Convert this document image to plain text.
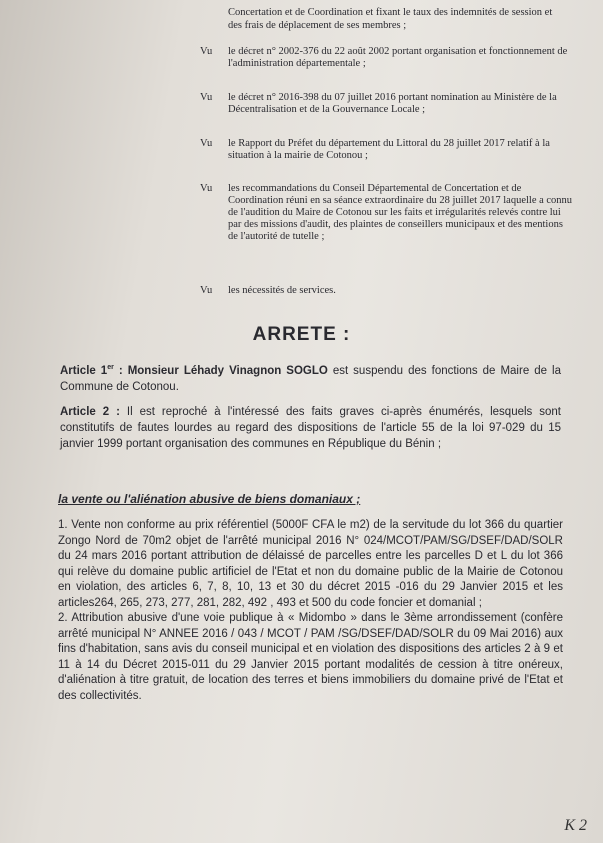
Concertation et de Coordination et fixant le taux des indemnités de session et des frais de déplacement de ses membres ;
Vu	le décret n° 2002-376 du 22 août 2002 portant organisation et fonctionnement de l'administration départementale ;
Vu	le décret n° 2016-398 du 07 juillet 2016 portant nomination au Ministère de la Décentralisation et de la Gouvernance Locale ;
Vu	le Rapport du Préfet du département du Littoral du 28 juillet 2017 relatif à la situation à la mairie de Cotonou ;
Vu	les recommandations du Conseil Départemental de Concertation et de Coordination réuni en sa séance extraordinaire du 28 juillet 2017 laquelle a connu de l'audition du Maire de Cotonou sur les faits et irrégularités relevés contre lui par des missions d'audit, des plaintes de conseillers municipaux et des mentions de l'autorité de tutelle ;
Vu	les nécessités de services.
ARRETE :
Article 1er : Monsieur Léhady Vinagnon SOGLO est suspendu des fonctions de Maire de la Commune de Cotonou.
Article 2 : Il est reproché à l'intéressé des faits graves ci-après énumérés, lesquels sont constitutifs de fautes lourdes au regard des dispositions de l'article 55 de la loi 97-029 du 15 janvier 1999 portant organisation des communes en République du Bénin ;
la vente ou l'aliénation abusive de biens domaniaux ;

1. Vente non conforme au prix référentiel (5000F CFA le m2) de la servitude du lot 366 du quartier Zongo Nord de 70m2 objet de l'arrêté municipal 2016 N° 024/MCOT/PAM/SG/DSEF/DAD/SOLR du 24 mars 2016 portant attribution de délaissé de parcelles entre les parcelles D et L du lot 366 qui relève du domaine public artificiel de l'Etat et non du domaine public de la Mairie de Cotonou en violation, des articles 6, 7, 8, 10, 13 et 30 du décret 2015 -016 du 29 Janvier 2015 et les articles264, 265, 273, 277, 281, 282, 492 , 493 et 500 du code foncier et domanial ;

2. Attribution abusive d'une voie publique à « Midombo » dans le 3ème arrondissement (confère arrêté municipal N° ANNEE 2016 / 043 / MCOT / PAM /SG/DSEF/DAD/SOLR du 09 Mai 2016) aux fins d'habitation, sans avis du conseil municipal et en violation des dispositions des articles 2 à 9 et 11 à 14 du Décret 2015-011 du 29 Janvier 2015 portant modalités de cession à titre onéreux, d'aliénation à titre gratuit, de location des terres et biens immobiliers du domaine privé de l'Etat et des collectivités.

K 2
